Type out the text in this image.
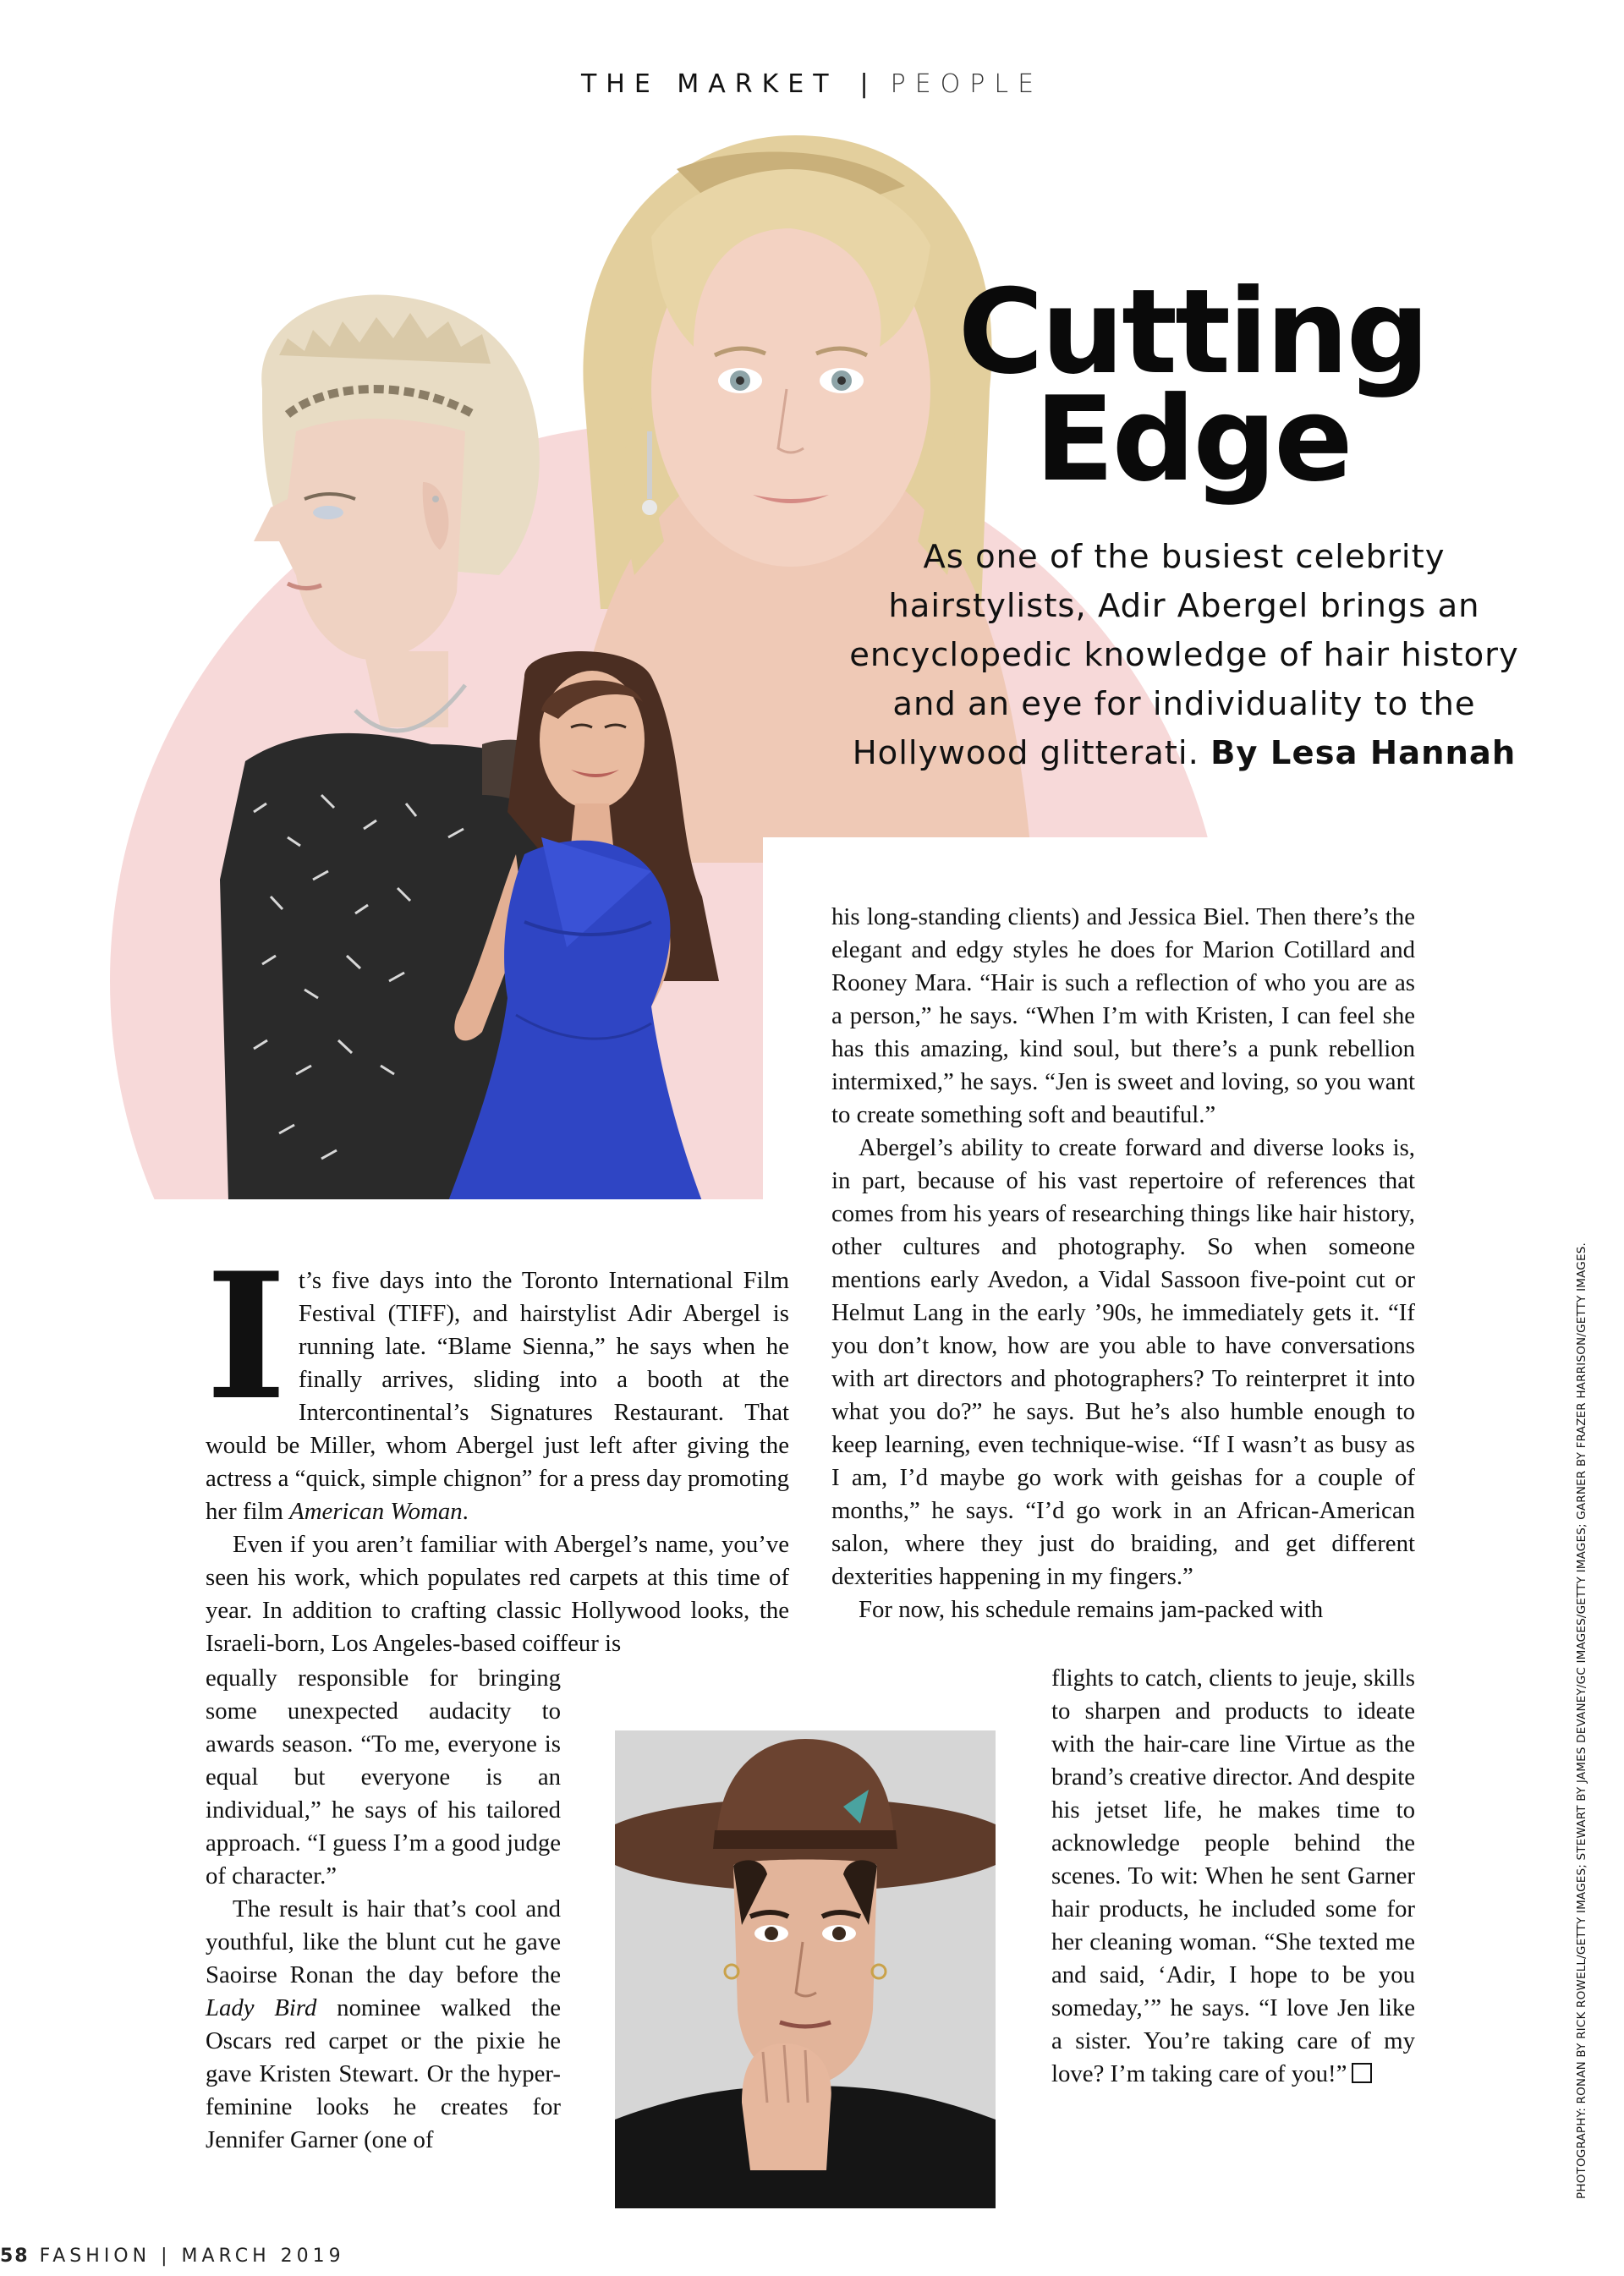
THE MARKET | PEOPLE
Cutting
Edge

As one of the busiest celebrity hairstylists, Adir Abergel brings an encyclopedic knowledge of hair history and an eye for individuality to the Hollywood glitterati. By Lesa Hannah

It’s five days into the Toronto International Film Festival (TIFF), and hairstylist Adir Abergel is running late. “Blame Sienna,” he says when he finally arrives, sliding into a booth at the Intercontinental’s Signatures Restaurant. That would be Miller, whom Abergel just left after giving the actress a “quick, simple chignon” for a press day promoting her film American Woman.

Even if you aren’t familiar with Abergel’s name, you’ve seen his work, which populates red carpets at this time of year. In addition to crafting classic Hollywood looks, the Israeli-born, Los Angeles-based coiffeur is

equally responsible for bringing some unexpected audacity to awards season. “To me, everyone is equal but everyone is an individual,” he says of his tailored approach. “I guess I’m a good judge of character.”

The result is hair that’s cool and youthful, like the blunt cut he gave Saoirse Ronan the day before the Lady Bird nominee walked the Oscars red carpet or the pixie he gave Kristen Stewart. Or the hyper-feminine looks he creates for Jennifer Garner (one of

his long-standing clients) and Jessica Biel. Then there’s the elegant and edgy styles he does for Marion Cotillard and Rooney Mara. “Hair is such a reflection of who you are as a person,” he says. “When I’m with Kristen, I can feel she has this amazing, kind soul, but there’s a punk rebellion intermixed,” he says. “Jen is sweet and loving, so you want to create something soft and beautiful.”

Abergel’s ability to create forward and diverse looks is, in part, because of his vast repertoire of references that comes from his years of researching things like hair history, other cultures and photography. So when someone mentions early Avedon, a Vidal Sassoon five-point cut or Helmut Lang in the early ’90s, he immediately gets it. “If you don’t know, how are you able to have conversations with art directors and photographers? To reinterpret it into what you do?” he says. But he’s also humble enough to keep learning, even technique-wise. “If I wasn’t as busy as I am, I’d maybe go work with geishas for a couple of months,” he says. “I’d go work in an African-American salon, where they just do braiding, and get different dexterities happening in my fingers.”

For now, his schedule remains jam-packed with

flights to catch, clients to jeuje, skills to sharpen and products to ideate with the hair-care line Virtue as the brand’s creative director. And despite his jetset life, he makes time to acknowledge people behind the scenes. To wit: When he sent Garner hair products, he included some for her cleaning woman. “She texted me and said, ‘Adir, I hope to be you someday,’” he says. “I love Jen like a sister. You’re taking care of my love? I’m taking care of you!”	PHOTOGRAPHY: RONAN BY RICK ROWELL/GETTY IMAGES; STEWART BY JAMES DEVANEY/GC IMAGES/GETTY IMAGES; GARNER BY FRAZER HARRISON/GETTY IMAGES.
58 FASHION | MARCH 2019
